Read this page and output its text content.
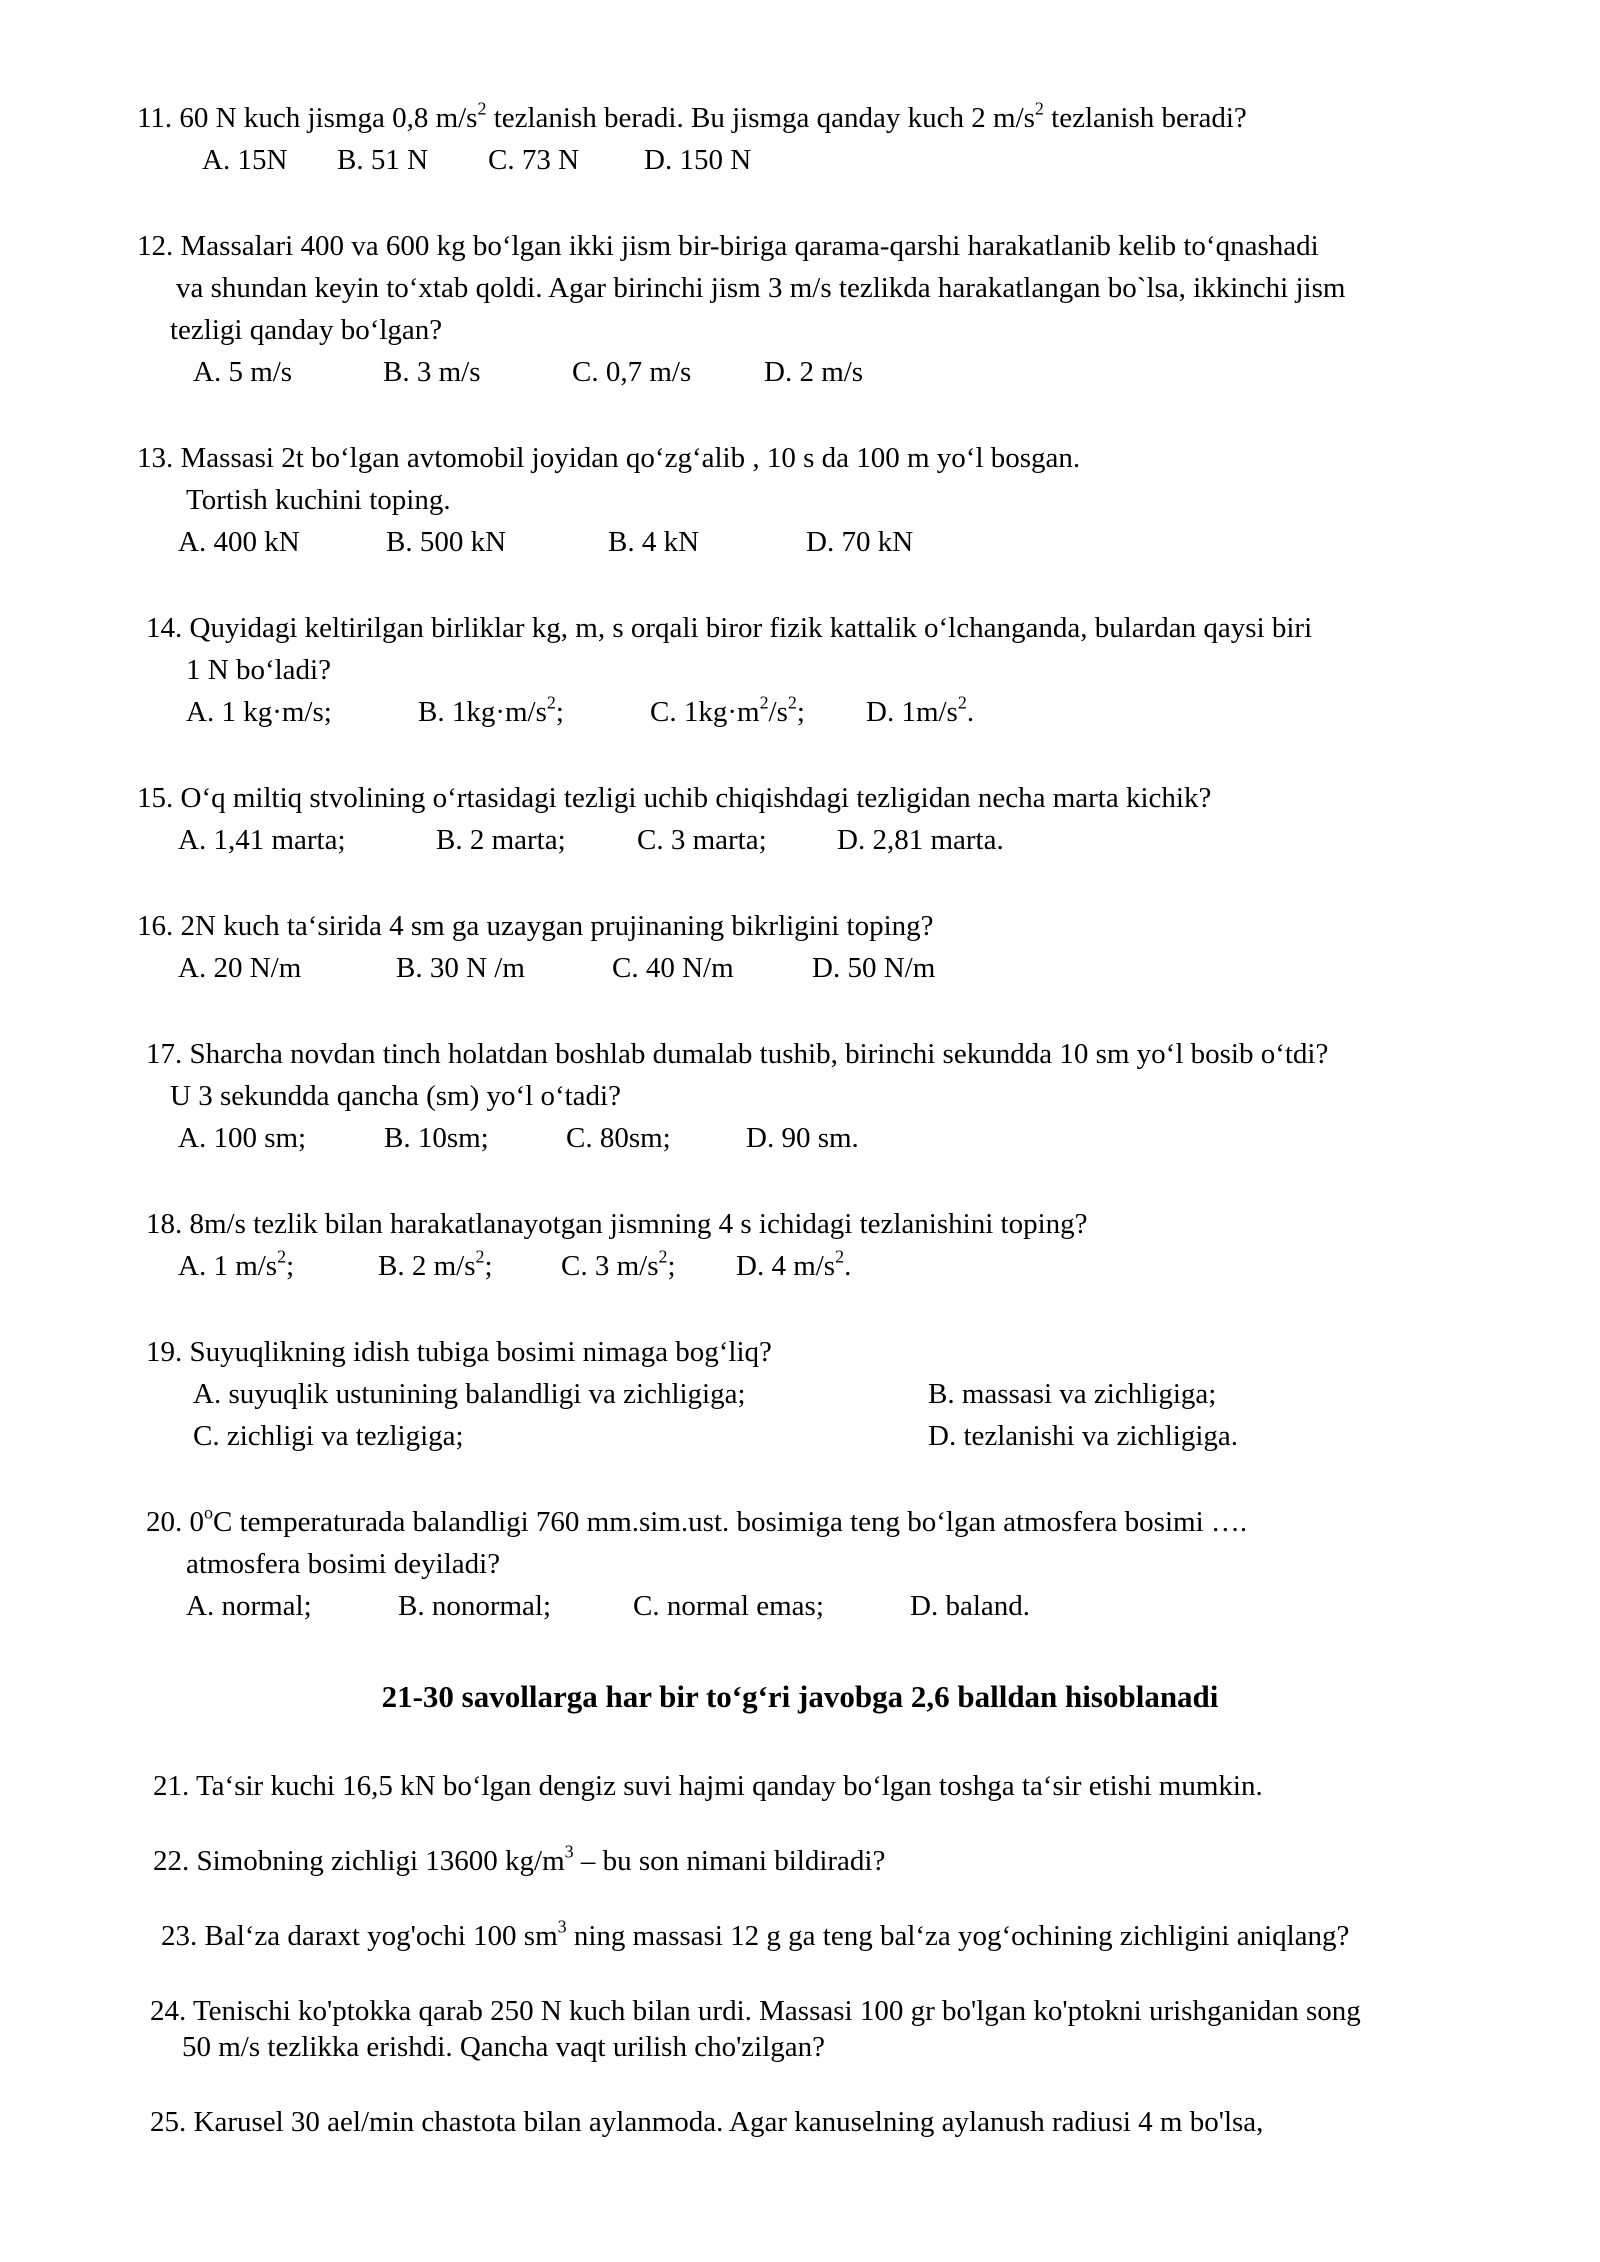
11. 60 N kuch jismga 0,8 $m/s^2$ tezlanish beradi. Bu jismga qanday kuch 2 $m/s^2$ tezlanish beradi?
A. 15N B. 51 N C. 73 N D. 150 N
12. Massalari 400 va 600 kg bo‘lgan ikki jism bir-biriga qarama-qarshi harakatlanib kelib to‘qnashadi
va shundan keyin to‘xtab qoldi. Agar birinchi jism 3 m/s tezlikda harakatlangan bo`lsa, ikkinchi jism
tezligi qanday bo‘lgan?
A. 5 m/s	B. 3 m/s	C. 0,7 m/s	D. 2 m/s
13. Massasi 2t bo‘lgan avtomobil joyidan qo‘zg‘alib , 10 s da 100 m yo‘l bosgan.
Tortish kuchini toping.
A. 400 kN	B. 500 kN	B. 4 kN	D. 70 kN
14. Quyidagi keltirilgan birliklar kg, m, s orqali biror fizik kattalik o‘lchanganda, bulardan qaysi biri
1 N bo‘ladi?
A. 1 kg·m/s;	B. $1kg\cdot m/s^2$;	C. $1kg\cdot m^2/s^2$; D. $1m/s^2$.
15. O‘q miltiq stvolining o‘rtasidagi tezligi uchib chiqishdagi tezligidan necha marta kichik?
A. 1,41 marta;	B. 2 marta; C. 3 marta; D. 2,81 marta.
16. 2N kuch ta‘sirida 4 sm ga uzaygan prujinaning bikrligini toping?
A. 20 N/m	B. 30 N /m	C. 40 N/m	D. 50 N/m
17. Sharcha novdan tinch holatdan boshlab dumalab tushib, birinchi sekundda 10 sm yo‘l bosib o‘tdi?
U 3 sekundda qancha (sm) yo‘l o‘tadi?
A. 100 sm;	B. 10sm;	C. 80sm;	D. 90 sm.
18. 8m/s tezlik bilan harakatlanayotgan jismning 4 s ichidagi tezlanishini toping?
A. 1 $m/s^2$;	B. 2 $m/s^2$; C. 3 $m/s^2$; D. 4 $m/s^2$.
19. Suyuqlikning idish tubiga bosimi nimaga bog‘liq?
A. suyuqlik ustunining balandligi va zichligiga;	B. massasi va zichligiga;
C. zichligi va tezligiga;	D. tezlanishi va zichligiga.
20. 0$^o$C temperaturada balandligi 760 mm.sim.ust. bosimiga teng bo‘lgan atmosfera bosimi ….
atmosfera bosimi deyiladi?
A. normal;	B. nonormal;	C. normal emas;	D. baland.
21-30 savollarga har bir to‘g‘ri javobga 2,6 balldan hisoblanadi
21. Ta‘sir kuchi 16,5 kN bo‘lgan dengiz suvi hajmi qanday bo‘lgan toshga ta‘sir etishi mumkin.
22. Simobning zichligi 13600 $kg/m^3$ – bu son nimani bildiradi?
23. Bal‘za daraxt yog'ochi 100 $sm^3$ ning massasi 12 g ga teng bal‘za yog‘ochining zichligini aniqlang?
24. Tenischi ko'ptokka qarab 250 N kuch bilan urdi. Massasi 100 gr bo'lgan ko'ptokni urishganidan song
50 m/s tezlikka erishdi. Qancha vaqt urilish cho'zilgan?
25. Karusel 30 ael/min chastota bilan aylanmoda. Agar kanuselning aylanush radiusi 4 m bo'lsa,
